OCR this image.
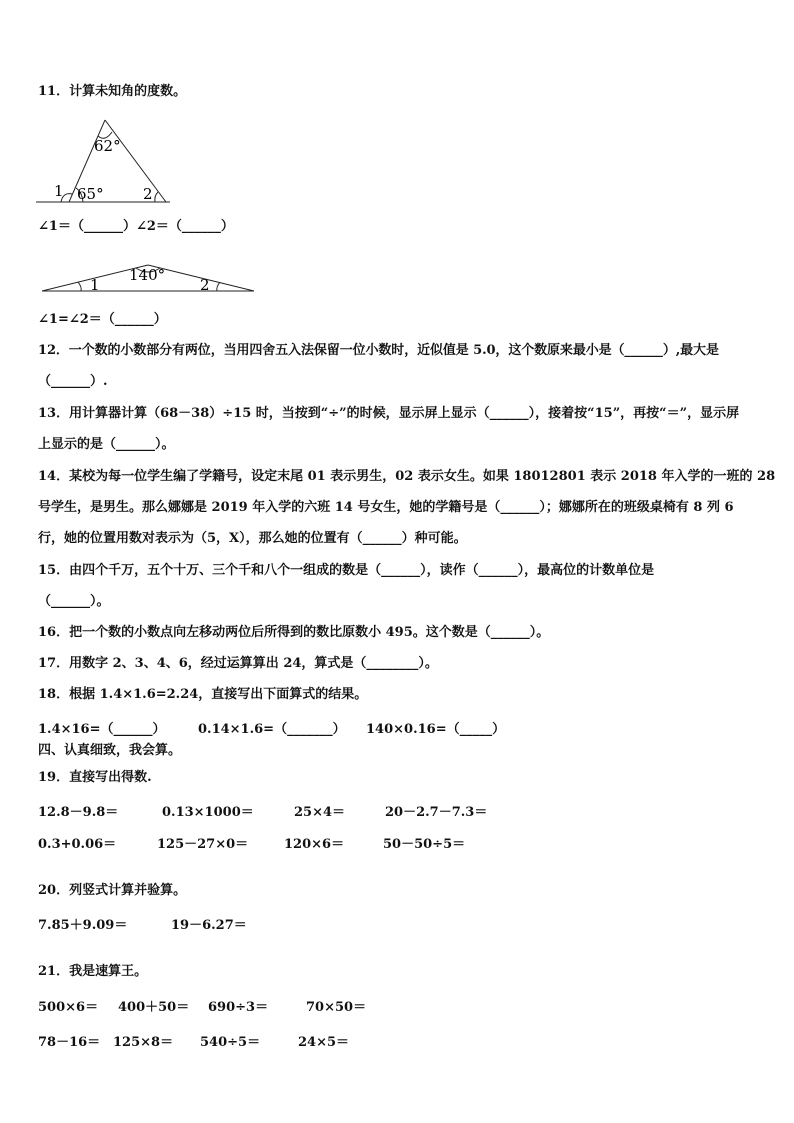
11．计算未知角的度数。
62°
65°
1	2
∠1＝（______）∠2＝（______）
140°
1	2
∠1=∠2＝（______）
12．一个数的小数部分有两位，当用四舍五入法保留一位小数时，近似值是 5.0，这个数原来最小是（______）,最大是
（______）.
13．用计算器计算（68－38）÷15 时，当按到“÷”的时候，显示屏上显示（______），接着按“15”，再按“＝”，显示屏
上显示的是（______）。
14．某校为每一位学生编了学籍号，设定末尾 01 表示男生，02 表示女生。如果 18012801 表示 2018 年入学的一班的 28
号学生，是男生。那么娜娜是 2019 年入学的六班 14 号女生，她的学籍号是（______）；娜娜所在的班级桌椅有 8 列 6
行，她的位置用数对表示为（5，X），那么她的位置有（______）种可能。
15．由四个千万，五个十万、三个千和八个一组成的数是（______），读作（______），最高位的计数单位是
（______）。
16．把一个数的小数点向左移动两位后所得到的数比原数小 495。这个数是（______）。
17．用数字 2、3、4、6，经过运算算出 24，算式是（________）。
18．根据 1.4×1.6=2.24，直接写出下面算式的结果。
1.4×16=（______）	0.14×1.6=（_______） 140×0.16=（_____）
四、认真细致，我会算。
19．直接写出得数.
12.8－9.8＝	0.13×1000＝	25×4＝	20－2.7－7.3＝
0.3+0.06＝	125－27×0＝	120×6＝	50－50÷5＝
20．列竖式计算并验算。
7.85＋9.09＝	19－6.27＝
21．我是速算王。
500×6＝ 400＋50＝ 690÷3＝	70×50＝
78－16＝ 125×8＝ 540÷5＝	24×5＝
